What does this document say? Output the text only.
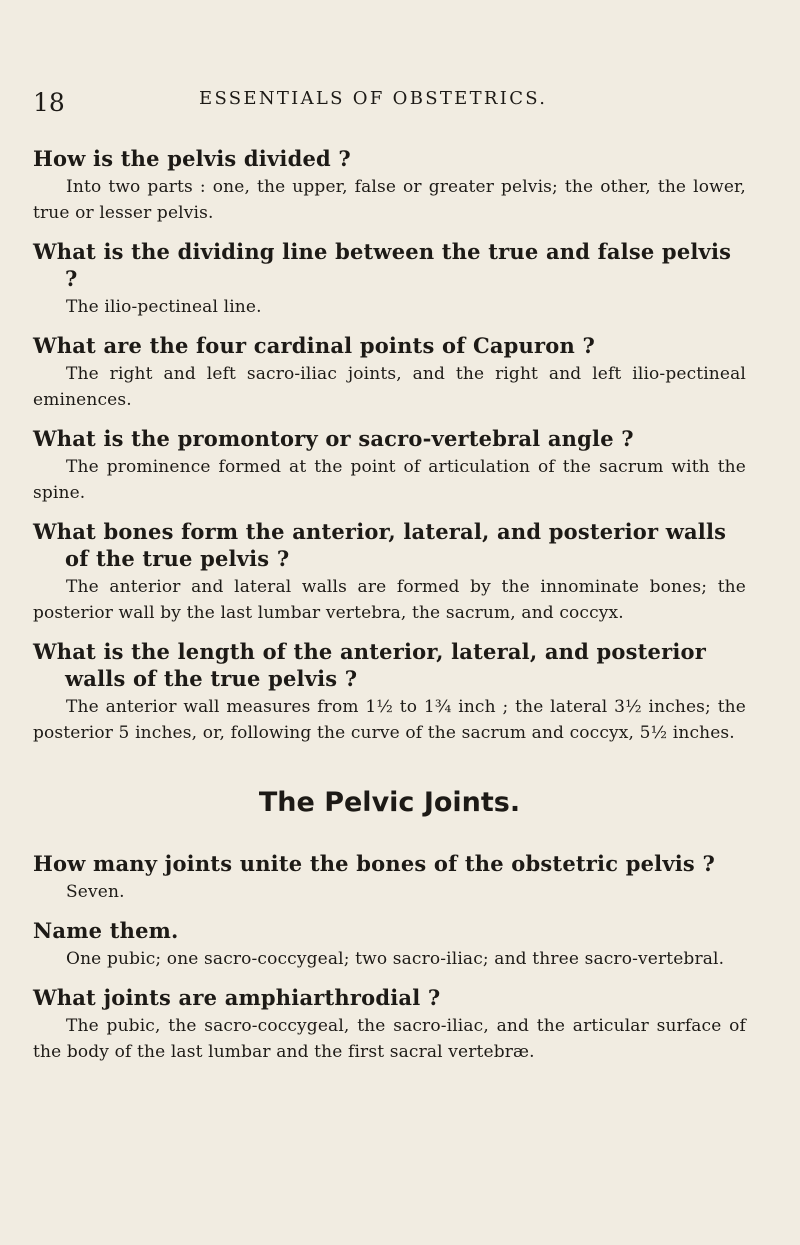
18	ESSENTIALS OF OBSTETRICS.
How is the pelvis divided ?

Into two parts : one, the upper, false or greater pelvis; the other, the lower, true or lesser pelvis.

What is the dividing line between the true and false pelvis ?

The ilio-pectineal line.

What are the four cardinal points of Capuron ?

The right and left sacro-iliac joints, and the right and left ilio-pectineal eminences.

What is the promontory or sacro-vertebral angle ?

The prominence formed at the point of articulation of the sacrum with the spine.

What bones form the anterior, lateral, and posterior walls of the true pelvis ?

The anterior and lateral walls are formed by the innominate bones; the posterior wall by the last lumbar vertebra, the sacrum, and coccyx.

What is the length of the anterior, lateral, and posterior walls of the true pelvis ?

The anterior wall measures from 1½ to 1¾ inch ; the lateral 3½ inches; the posterior 5 inches, or, following the curve of the sacrum and coccyx, 5½ inches.

The Pelvic Joints.
How many joints unite the bones of the obstetric pelvis ?

Seven.

Name them.

One pubic; one sacro-coccygeal; two sacro-iliac; and three sacro-vertebral.

What joints are amphiarthrodial ?

The pubic, the sacro-coccygeal, the sacro-iliac, and the articular surface of the body of the last lumbar and the first sacral vertebræ.
